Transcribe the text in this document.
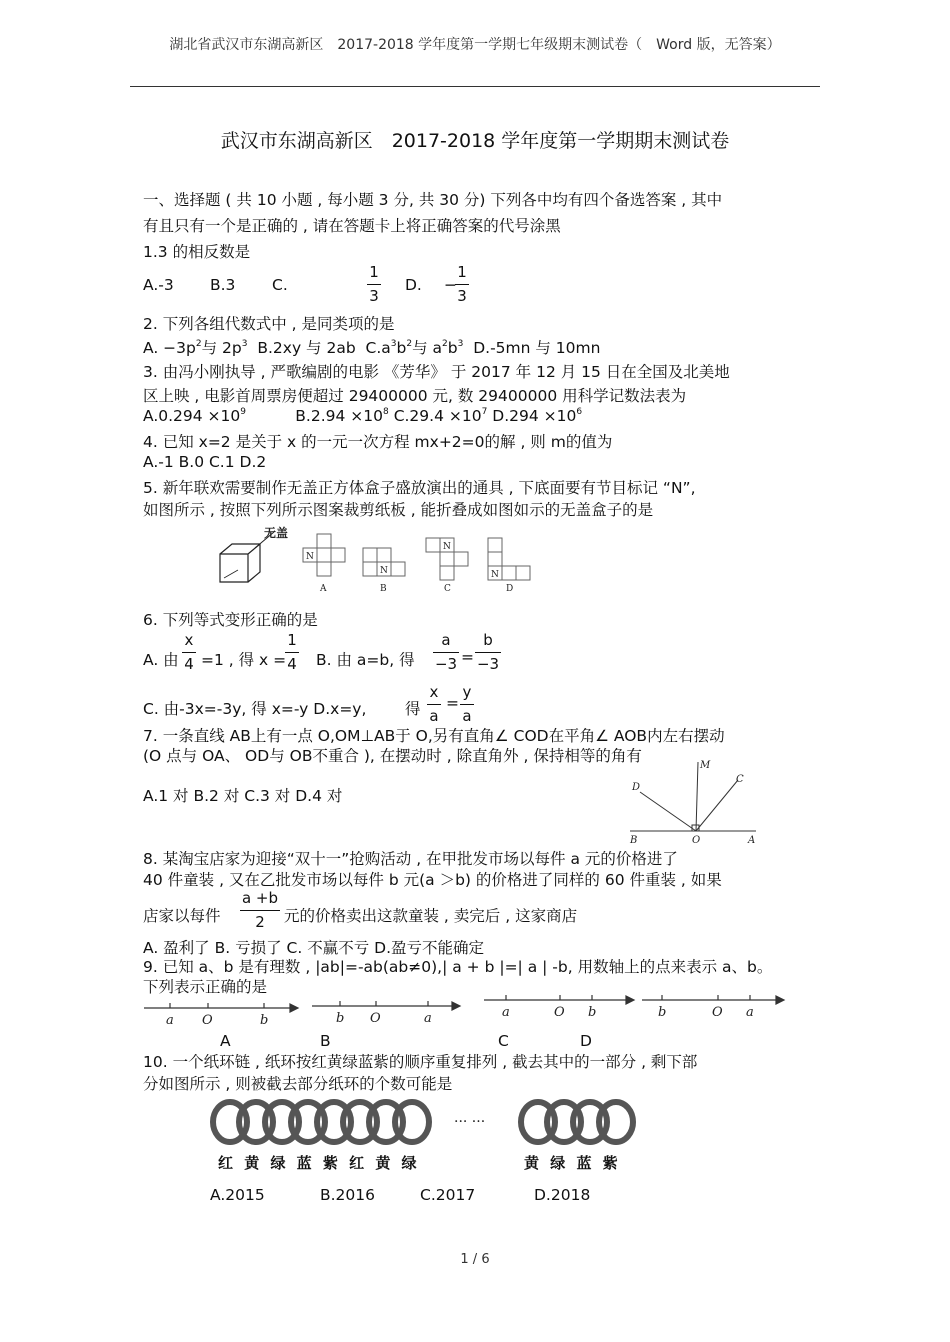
湖北省武汉市东湖高新区　2017-2018 学年度第一学期七年级期末测试卷（　Word 版，无答案）
武汉市东湖高新区　2017-2018 学年度第一学期期末测试卷
一、选择题 ( 共 10 小题 , 每小题 3 分, 共 30 分) 下列各中均有四个备选答案 , 其中
有且只有一个是正确的 , 请在答题卡上将正确答案的代号涂黑
1.3 的相反数是
A.-3 B.3 C.
1
3
D. −
1
3
2. 下列各组代数式中 , 是同类项的是
A. $-3p^2$与 $2p^3$ B.2xy 与 2ab $C.a^3b^2$与 $a^2b^3$ D.-5mn 与 10mn
3. 由冯小刚执导 , 严歌编剧的电影 《芳华》 于 2017 年 12 月 15 日在全国及北美地
区上映 , 电影首周票房便超过 29400000 元, 数 29400000 用科学记数法表为
$A.0.294 \times 10^9$	$B.2.94 \times 10^8$ $C.29.4 \times 10^7$ $D.294 \times 10^6$
4. 已知 x=2 是关于 x 的一元一次方程 mx+2=0的解 , 则 m的值为
A.-1 B.0 C.1 D.2
5. 新年联欢需要制作无盖正方体盒子盛放演出的通具 , 下底面要有节目标记 “N”,
如图所示 , 按照下列所示图案裁剪纸板 , 能折叠成如图如示的无盖盒子的是
无盖
N
N
N
N
A	B	C	D
6. 下列等式变形正确的是
A. 由
x
4 =1 , 得 x =
1
4 B. 由 a=b, 得
a
−3 =
b
−3
C. 由-3x=-3y, 得 x=-y D.x=y, 得
x
a
=
y
a
7. 一条直线 AB上有一点 O,OM⊥AB于 O,另有直角∠ COD在平角∠ AOB内左右摆动
(O 点与 OA、 OD与 OB不重合 ), 在摆动时 , 除直角外 , 保持相等的角有
A.1 对 B.2 对 C.3 对 D.4 对
M
C
D
B	O	A
8. 某淘宝店家为迎接“双十一”抢购活动 , 在甲批发市场以每件 a 元的价格进了
40 件童装 , 又在乙批发市场以每件 b 元(a ＞b) 的价格进了同样的 60 件重装 , 如果
店家以每件
a +b
2	元的价格卖出这款童装 , 卖完后 , 这家商店
A. 盈利了 B. 亏损了 C. 不赢不亏 D.盈亏不能确定
9. 已知 a、b 是有理数 , |ab|=-ab(ab≠0),| a + b |=| a | -b, 用数轴上的点来表示 a、b。
下列表示正确的是
a O	b	b O	a	a	O b	b	O a
A	B	C	D
10. 一个纸环链 , 纸环按红黄绿蓝紫的顺序重复排列 , 截去其中的一部分 , 剩下部
分如图所示 , 则被截去部分纸环的个数可能是
··· ···
红 黄 绿 蓝 紫 红 黄 绿	黄 绿 蓝 紫
A.2015	B.2016	C.2017	D.2018
1 / 6
